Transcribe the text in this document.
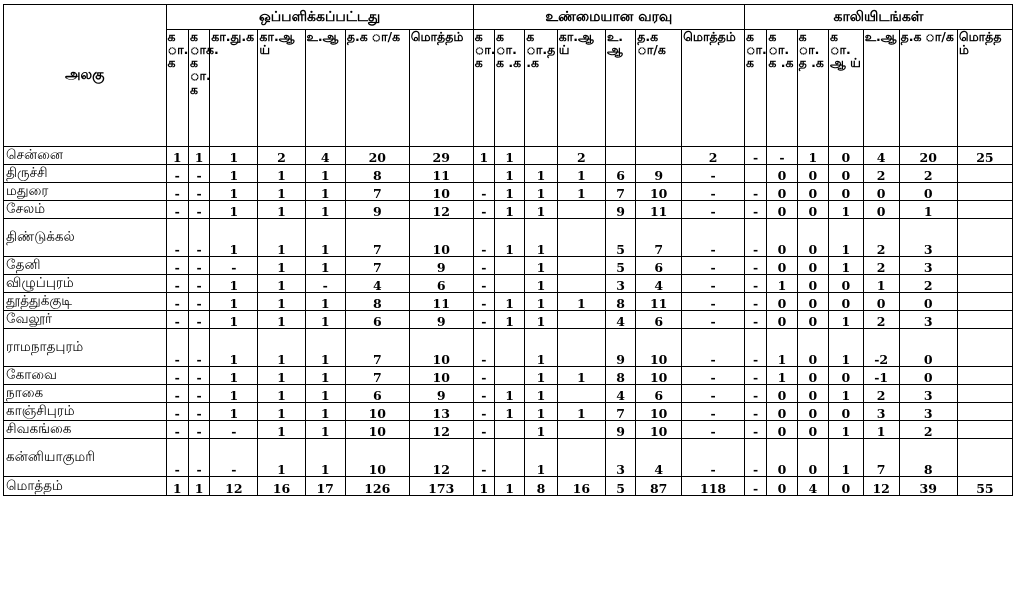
அலகு	ஒப்பளிக்கப்பட்டது							உண்மையான வரவு							காலியிடங்கள்						
	க ா.க	க ாக.க ா.க	கா.து.க	கா.ஆ ய்	உ.ஆ	த.க ா/க	மொத்தம்	க ா.க	க ா.க .க	க ா.த .க	கா.ஆ ய்	உ.ஆ	த.க ா/க	மொத்தம்	க ா.க	க ா.க .க	க ா.த .க	க ா.ஆ ய்	உ.ஆ	த.க ா/க	மொத்தம்
சென்னை	1	1	1	2	4	20	29	1	1		2			2	-	-	1	0	4	20	25
திருச்சி	-	-	1	1	1	8	11		1	1	1	6	9	-		0	0	0	2	2	
மதுரை	-	-	1	1	1	7	10	-	1	1	1	7	10	-	-	0	0	0	0	0	
சேலம்	-	-	1	1	1	9	12	-	1	1		9	11	-	-	0	0	1	0	1	
திண்டுக்கல்	-	-	1	1	1	7	10	-	1	1		5	7	-	-	0	0	1	2	3	
தேனி	-	-	-	1	1	7	9	-		1		5	6	-	-	0	0	1	2	3	
விழுப்புரம்	-	-	1	1	-	4	6	-		1		3	4	-	-	1	0	0	1	2	
தூத்துக்குடி	-	-	1	1	1	8	11	-	1	1	1	8	11	-	-	0	0	0	0	0	
வேலூர்	-	-	1	1	1	6	9	-	1	1		4	6	-	-	0	0	1	2	3	
ராமநாதபுரம்	-	-	1	1	1	7	10	-		1		9	10	-	-	1	0	1	-2	0	
கோவை	-	-	1	1	1	7	10	-		1	1	8	10	-	-	1	0	0	-1	0	
நாகை	-	-	1	1	1	6	9	-	1	1		4	6	-	-	0	0	1	2	3	
காஞ்சிபுரம்	-	-	1	1	1	10	13	-	1	1	1	7	10	-	-	0	0	0	3	3	
சிவகங்கை	-	-	-	1	1	10	12	-		1		9	10	-	-	0	0	1	1	2	
கன்னியாகுமரி	-	-	-	1	1	10	12	-		1		3	4	-	-	0	0	1	7	8	
மொத்தம்	1	1	12	16	17	126	173	1	1	8	16	5	87	118	-	0	4	0	12	39	55
